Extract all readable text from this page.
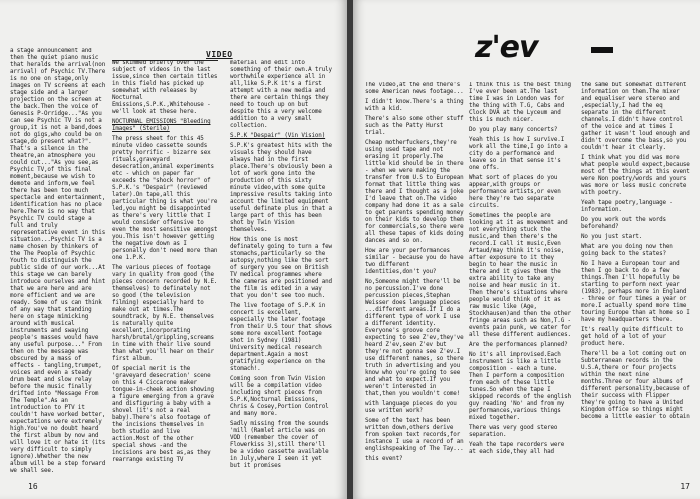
a stage announcement and then the quiet piano music that heralds the arrival(non arrival) of Psychic TV.There is no one on stage,only images on TV screens at each stage side and a larger projection on the screen at the back.Then the voice of Genesis P-Orridge..."As you can see Psychic TV is not a group,it is not a band,does not do gigs,who could be on stage,do present what?". That's a silence in the theatre,an atmosphere you could cut..."As you see,as Psychic TV,of this final moment,because we wish to demote and inform,we feel there has been too much spectacle and entertainment, identification has no place here.There is no way that Psychic TV could stage a full and truly representative event in this situation...Psychic TV is a name chosen by thinkers of the The People of Psychic Youth to distinguish the public side of our work...At this stage we can barely introduce ourselves and hint that we are here and are more efficient and we are ready. Some of us can think of any way that standing here on stage mimicking around with musical instruments and swaying people's masses would have any useful purpose..." From then on the message was obscured by a mass of effects - tangling,trumpet, voices and even a steady drum beat and slow relay before the music finally drifted into "Message From The Temple".As an introduction to PTV it couldn't have worked better, expectations were extremely high.You've no doubt heard the first album by now and will love it or hate it (its very difficult to simply ignore).Whether the new album will be a step forward we shall see.

VIDEO

We skimmed briefly over the subject of videos in the last issue,since then certain titles in this field has picked up somewhat with releases by Nocturnal Emissions,S.P.K.,Whitehouse -we'll look at these here.

NOCTURNAL EMISSIONS "Bleeding Images" (Sterile)

The press sheet for this 45 minute video cassette sounds pretty horrific - bizarre sex rituals,graveyard desecration,animal experiments etc - which on paper far exceeds the "shock horror" of S.P.K.'s "Despair" (reviewed later).On tape,all this particular thing is what you're led,you might be disappointed as there's very little that I would consider offensive to even the most sensitive amongst you.This isn't however getting the negative down as I personally don't need more than one 1.P.K.

The various pieces of footage vary in quality from good (the pieces concern recorded by N.E. themselves) to definately not so good (the television filming) especially hard to make out at times.The soundtrack, by N.E. themselves is naturally quite excellent,incorporating harsh/brutal/grippling,screams in time with their live sound than what you'll hear on their first album.

Of special merit is the 'graveyard desecration' scene on this 4 Ciccarone maker tongue-in-cheek action showing a figure emerging from a grave and disfiguring a baby with a shovel (it's not a real baby).There's also footage of the incisions themselves in both studio and live action.Most of the other special shows -and the incisions are best as,as they rearrange existing TV

material and edit into something of their own.A truly worthwhile experience all in all,like S.P.K it's a first attempt with a new media and there are certain things they need to touch up on but despite this a very welcome addition to a very small collection.

S.P.K "Despair" (Vin Vision)

S.P.K's greatest hits with the visuals they should have always had in the first place.There's obviously been a lot of work gone into the production of this sixty minute video,with some quite impressive results taking into account the limited equipment useful definate plus in that a large part of this has been shot by Twin Vision themselves.

How this one is most definately going to turn a few stomachs,particularly so the autopsy,nothing like the sort of surgery you see on British TV medical programmes where the cameras are positioned and the film is edited in a way that you don't see too much.

The live footage of S.P.K in concert is excellent, especially the later footage from their U.S tour that shows some more excellent footage shot in Sydney (1981) University medical research department.Again a most gratifying experience on the stomach!.

Coming soon from Twin Vision will be a compilation video including short pieces from S.P.K,Nocturnal Emissions, Chris & Cosey,Portion Control and many more.

Sadly missing from the sounds 'mill (Ramlet article was on VOD (remember the cover of Flowerkiss 3),still there'll be a video cassette available in July,where I seen it yet but it promises

16
z'ev

The video,at the end there's some American news footage...

I didn't know.There's a thing with a kid.

There's also some other stuff such as the Patty Hurst trial.

Cheap motherfuckers,they're using used tape and not erasing it properly.The little kid should be in there - when we were making the transfer from U.S to European format that little thing was there and I thought as a joke I'd leave that on.The video company had done it as a sale to get parents spending money on their kids to develop them for commercials,so there were all these tapes of kids doing dances and so on.

How are your performances similar - because you do have two different identities,don't you?

No,Someone might there'll be no percussion.I've done percussion pieces,Stephan Weisser does language pieces ...different areas.If I do a different type of work I use a different identity. Everyone's groove core expecting to see Z'ev,they've heard Z'ev,seen Z'ev but they're not gonna see Z'ev.I use different names, so there truth in advertising and you know who you're going to see and what to expect.If you weren't interested in that,then you wouldn't come!

with language pieces do you use written work?

Some of the text has been written down,others derive from spoken text records,for instance I use a record of an englishspeaking of The Tay...

this event?

I think this is the best thing I've ever been at.The last time I was in London was for the thing with T.G, Cabs and Clock DVA at the Lyceum and this is much nicer.

Do you play many concerts?

Yeah this is how I survive.I work all the time,I go into a city do a performance and leave so in that sense it's one offs.

What sort of places do you appear,with groups or performance artists,or even here they're two separate circuits.

Sometimes the people are looking at it as movement and not everything stuck the music,and then there's the record.I call it music,Even Artaud/may think it's noise, after exposure to it they begin to hear the music in there and it gives them the extra ability to take any noise and hear music in it. Then there's situations where people would think of it as raw music like (Age, Stockhausen)and then the other fringe areas such as Non,T.G - events pain punk, we cater for all these different audiences.

Are the performances planned?

No it's all improvised.Each instrument is like a little composition - each a tune. Then I perform a composition from each of these little tunes.So when the tape I skipped records of the english guy reading 'No' and from my performances,various things mixed together.

There was very good stereo separation.

Yeah the tape recorders were at each side,they all had

the same but somewhat different information on them.The mixer and equaliser were stereo and ,especially,I had the eq separate in the different channels.I didn't have control of the voice and at times I gather it wasn't loud enough and didn't overcome the bass,so you couldn't hear it clearly.

I think what you did was more what people would expect,because most of the things at this event were Non poetry/words and yours was more or less music concrete with poetry.

Yeah tape poetry,language - information.

Do you work out the words beforehand?

No you just start.

What are you doing now then going back to the states?

No I have a European tour and then I go back to do a few things.Then I'll hopefully be starting to perform next year (1983), perhaps more in England - three or four times a year or more.I actually spend more time touring Europe than at home so I have my headquarters there.

It's really quite difficult to get hold of a lot of your product here.

There'll be a lot coming out on Subterranean records in the U.S.A,there or four projects within the next nine months.Three or four albums of different personality,because of their success with Flipper they're going to have a United Kingdom office so things might become a little easier to obtain

17
